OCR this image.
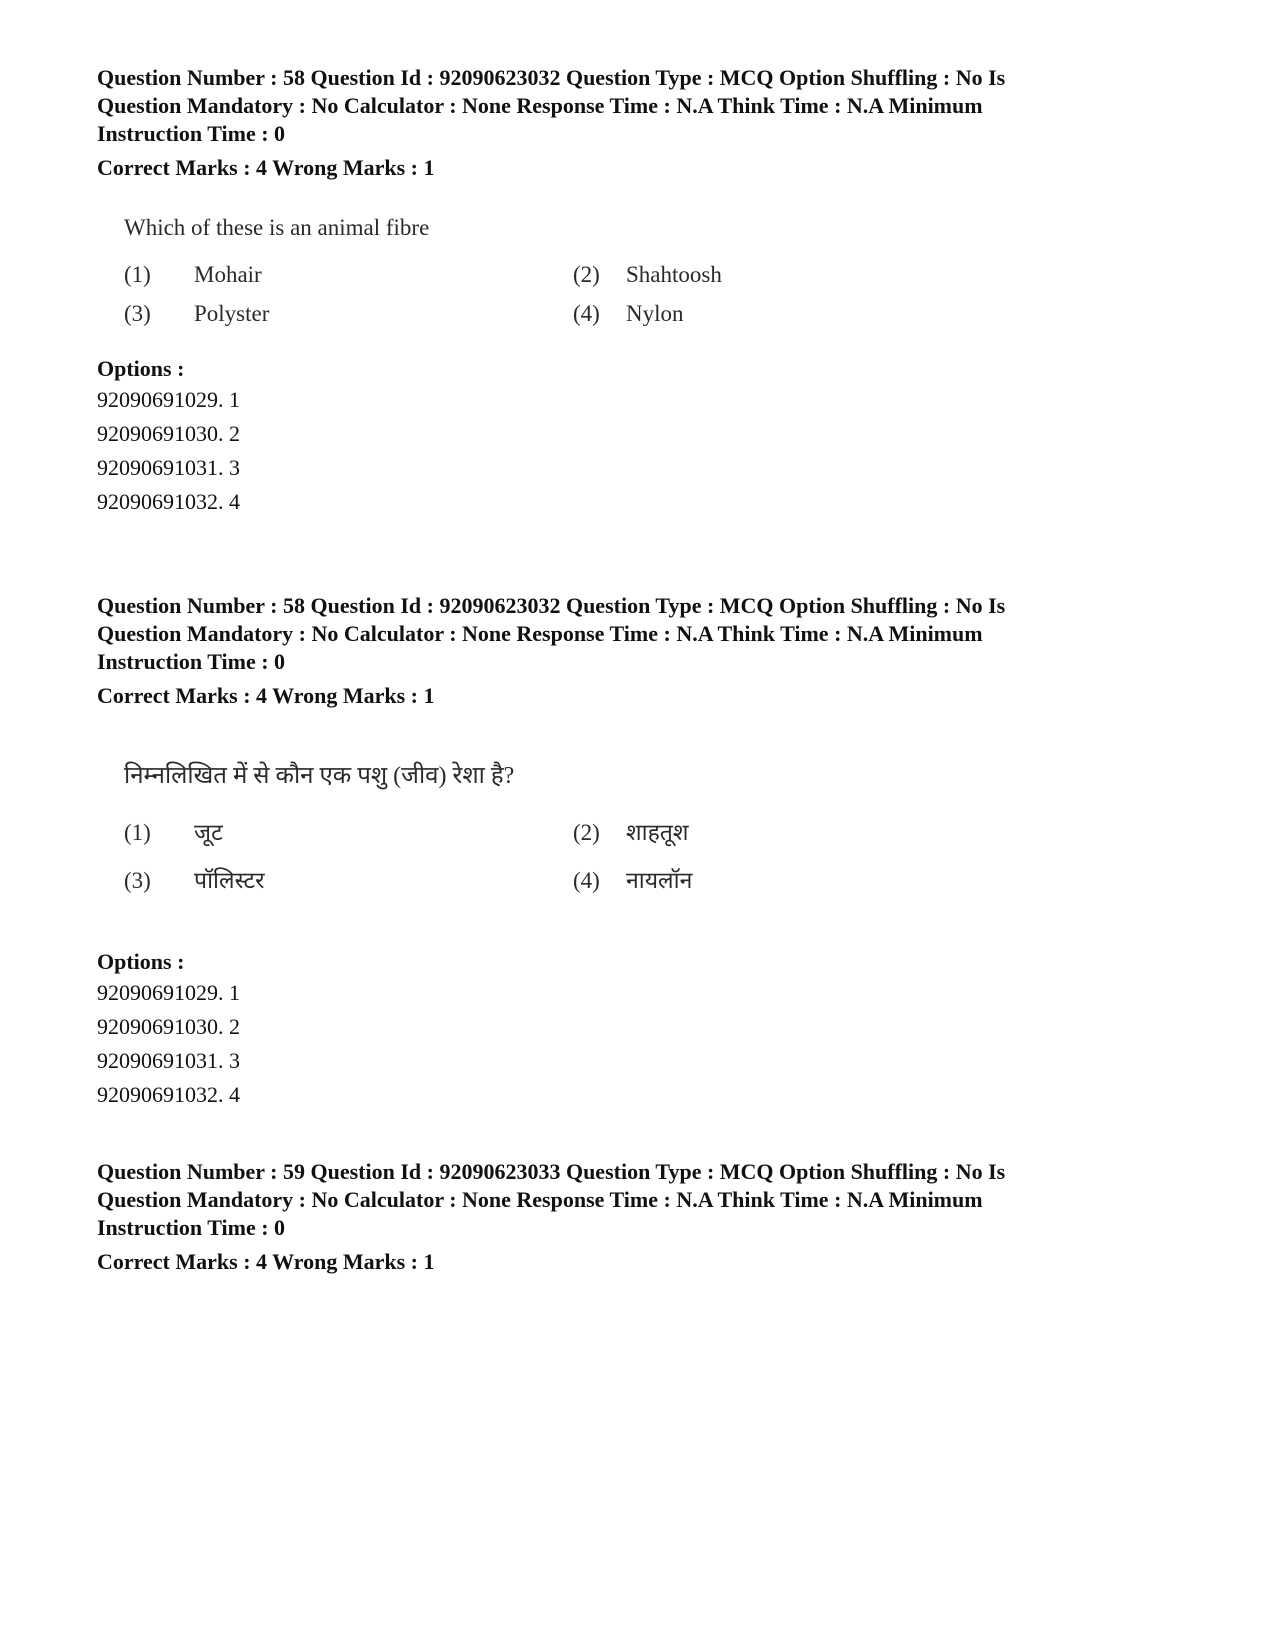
Question Number : 58 Question Id : 92090623032 Question Type : MCQ Option Shuffling : No Is

Question Mandatory : No Calculator : None Response Time : N.A Think Time : N.A Minimum

Instruction Time : 0

Correct Marks : 4 Wrong Marks : 1

Which of these is an animal fibre
(1) Mohair	(2) Shahtoosh
(3) Polyster	(4) Nylon

Options :

92090691029. 1

92090691030. 2

92090691031. 3

92090691032. 4

Question Number : 58 Question Id : 92090623032 Question Type : MCQ Option Shuffling : No Is

Question Mandatory : No Calculator : None Response Time : N.A Think Time : N.A Minimum

Instruction Time : 0

Correct Marks : 4 Wrong Marks : 1

निम्नलिखित में से कौन एक पशु (जीव) रेशा है?
(1) जूट	(2) शाहतूश
(3) पॉलिस्टर	(4) नायलॉन

Options :

92090691029. 1

92090691030. 2

92090691031. 3

92090691032. 4

Question Number : 59 Question Id : 92090623033 Question Type : MCQ Option Shuffling : No Is

Question Mandatory : No Calculator : None Response Time : N.A Think Time : N.A Minimum

Instruction Time : 0

Correct Marks : 4 Wrong Marks : 1
